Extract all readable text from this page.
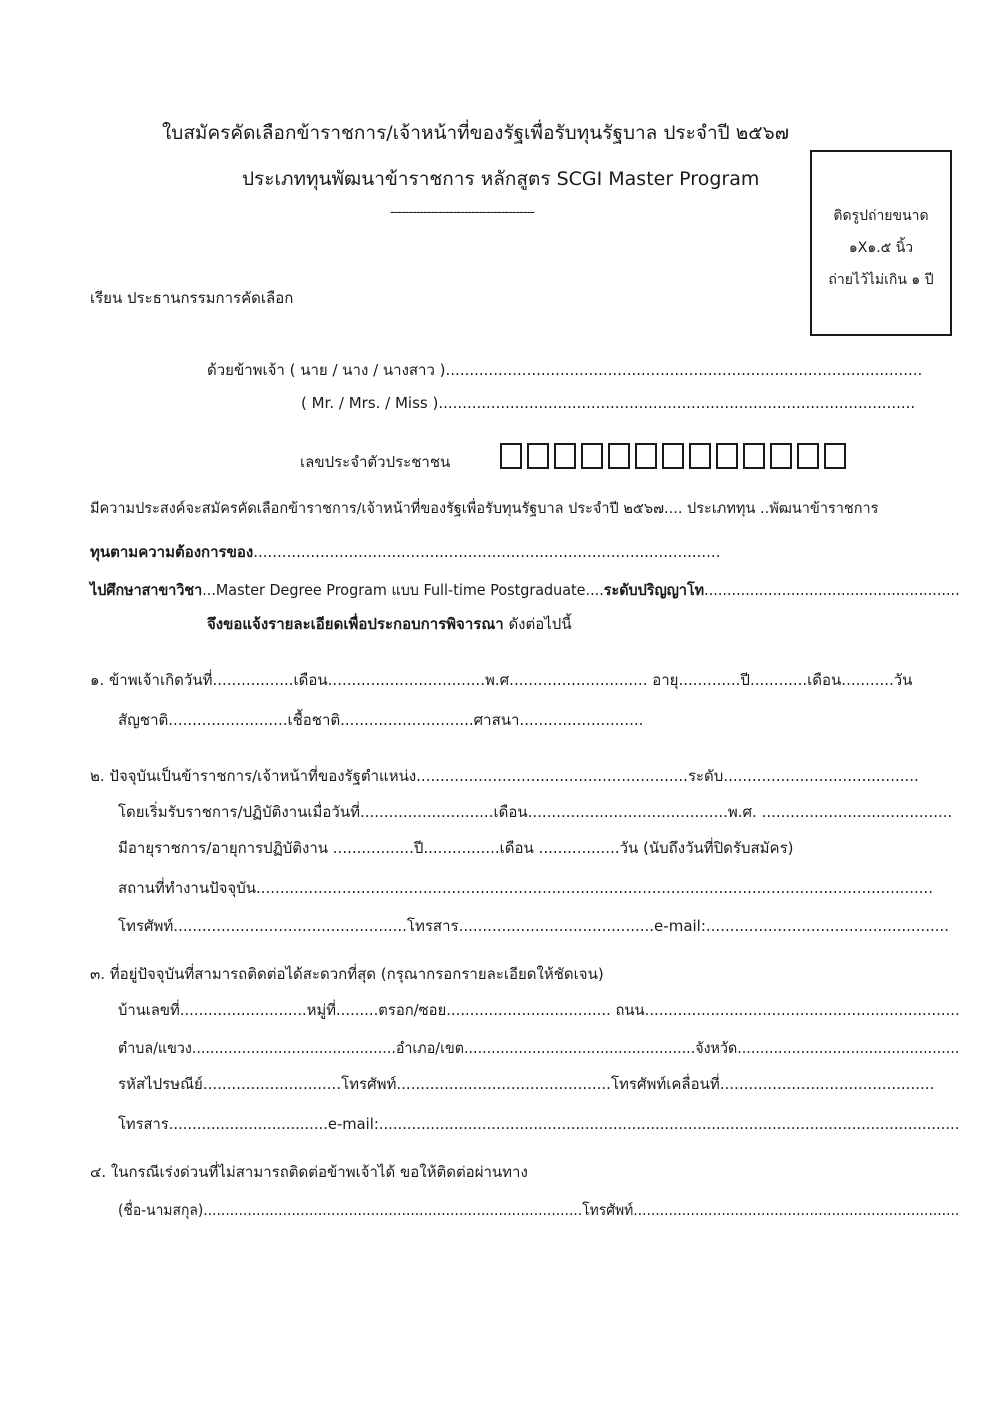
ใบสมัครคัดเลือกข้าราชการ/เจ้าหน้าที่ของรัฐเพื่อรับทุนรัฐบาล ประจำปี ๒๕๖๗
ประเภททุนพัฒนาข้าราชการ หลักสูตร SCGI Master Program
---------------------------------------	ติดรูปถ่ายขนาด
๑X๑.๕ นิ้ว
ถ่ายไว้ไม่เกิน ๑ ปี
เรียน ประธานกรรมการคัดเลือก
ด้วยข้าพเจ้า ( นาย / นาง / นางสาว )....................................................................................................
( Mr. / Mrs. / Miss )....................................................................................................
เลขประจำตัวประชาชน
มีความประสงค์จะสมัครคัดเลือกข้าราชการ/เจ้าหน้าที่ของรัฐเพื่อรับทุนรัฐบาล ประจำปี ๒๕๖๗.... ประเภททุน ..พัฒนาข้าราชการ
ทุนตามความต้องการของ..................................................................................................
ไปศึกษาสาขาวิชา...Master Degree Program แบบ Full-time Postgraduate....ระดับปริญญาโท........................................................
จึงขอแจ้งรายละเอียดเพื่อประกอบการพิจารณา ดังต่อไปนี้
๑. ข้าพเจ้าเกิดวันที่.................เดือน.................................พ.ศ............................. อายุ.............ปี............เดือน...........วัน
สัญชาติ.........................เชื้อชาติ............................ศาสนา..........................
๒. ปัจจุบันเป็นข้าราชการ/เจ้าหน้าที่ของรัฐตำแหน่ง.........................................................ระดับ.........................................
โดยเริ่มรับราชการ/ปฏิบัติงานเมื่อวันที่............................เดือน..........................................พ.ศ. ........................................
มีอายุราชการ/อายุการปฏิบัติงาน .................ปี................เดือน .................วัน (นับถึงวันที่ปิดรับสมัคร)
สถานที่ทำงานปัจจุบัน..............................................................................................................................................
โทรศัพท์.................................................โทรสาร.........................................e-mail:...................................................
๓. ที่อยู่ปัจจุบันที่สามารถติดต่อได้สะดวกที่สุด (กรุณากรอกรายละเอียดให้ชัดเจน)
บ้านเลขที่...........................หมู่ที่.........ตรอก/ซอย................................... ถนน...................................................................
ตำบล/แขวง.............................................อำเภอ/เขต...................................................จังหวัด.................................................
รหัสไปรษณีย์.............................โทรศัพท์.............................................โทรศัพท์เคลื่อนที่.............................................
โทรสาร..................................e-mail:............................................................................................................................
๔. ในกรณีเร่งด่วนที่ไม่สามารถติดต่อข้าพเจ้าได้ ขอให้ติดต่อผ่านทาง
(ชื่อ-นามสกุล)......................................................................................โทรศัพท์..........................................................................
